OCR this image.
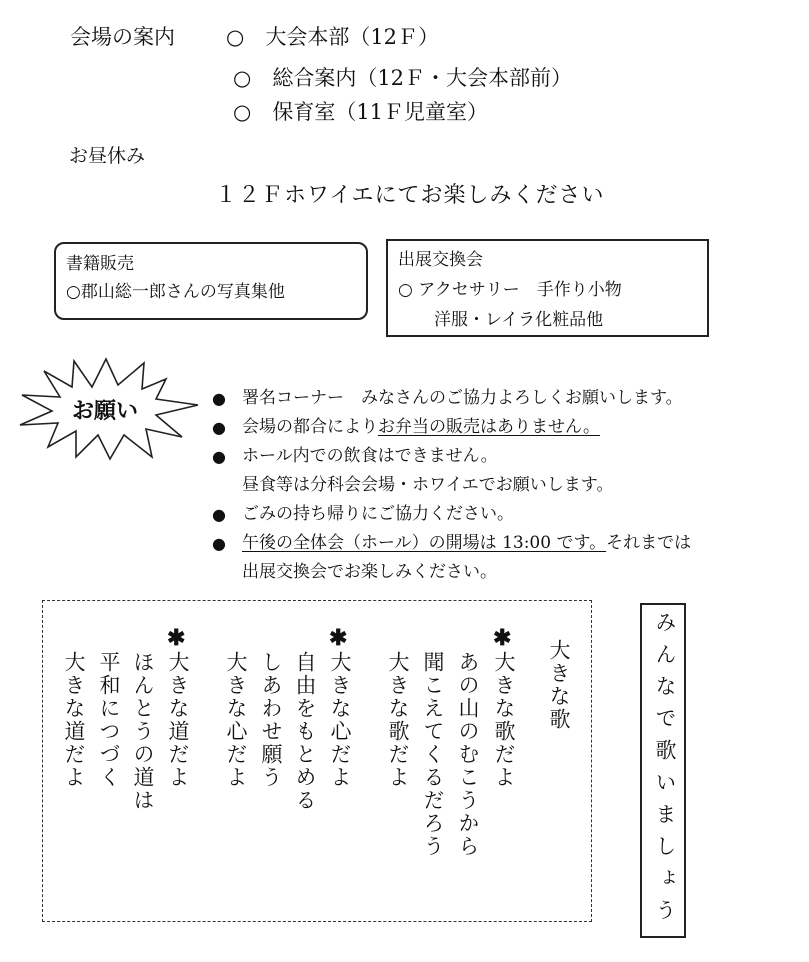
会場の案内 ○　大会本部（12Ｆ）
○　総合案内（12Ｆ・大会本部前）
○　保育室（11Ｆ児童室）
お昼休み
１２Ｆホワイエにてお楽しみください
書籍販売
○郡山総一郎さんの写真集他
出展交換会
○ アクセサリー　手作り小物
洋服・レイラ化粧品他
お願い	● 署名コーナー　みなさんのご協力よろしくお願いします。
● 会場の都合により お弁当の販売はありません。
● ホール内での飲食はできません。
昼食等は分科会会場・ホワイエでお願いします。
● ごみの持ち帰りにご協力ください。
● 午後の全体会（ホール）の開場は 13:00 です。 それまでは
出展交換会でお楽しみください。
大きな歌
✱
大きな歌だよ
あの山のむこうから
聞こえてくるだろう
大きな歌だよ
✱
大きな心だよ
自由をもとめる
しあわせ願う
大きな心だよ
✱
大きな道だよ
ほんとうの道は
平和につづく
大きな道だよ	みんなで歌いましょう
